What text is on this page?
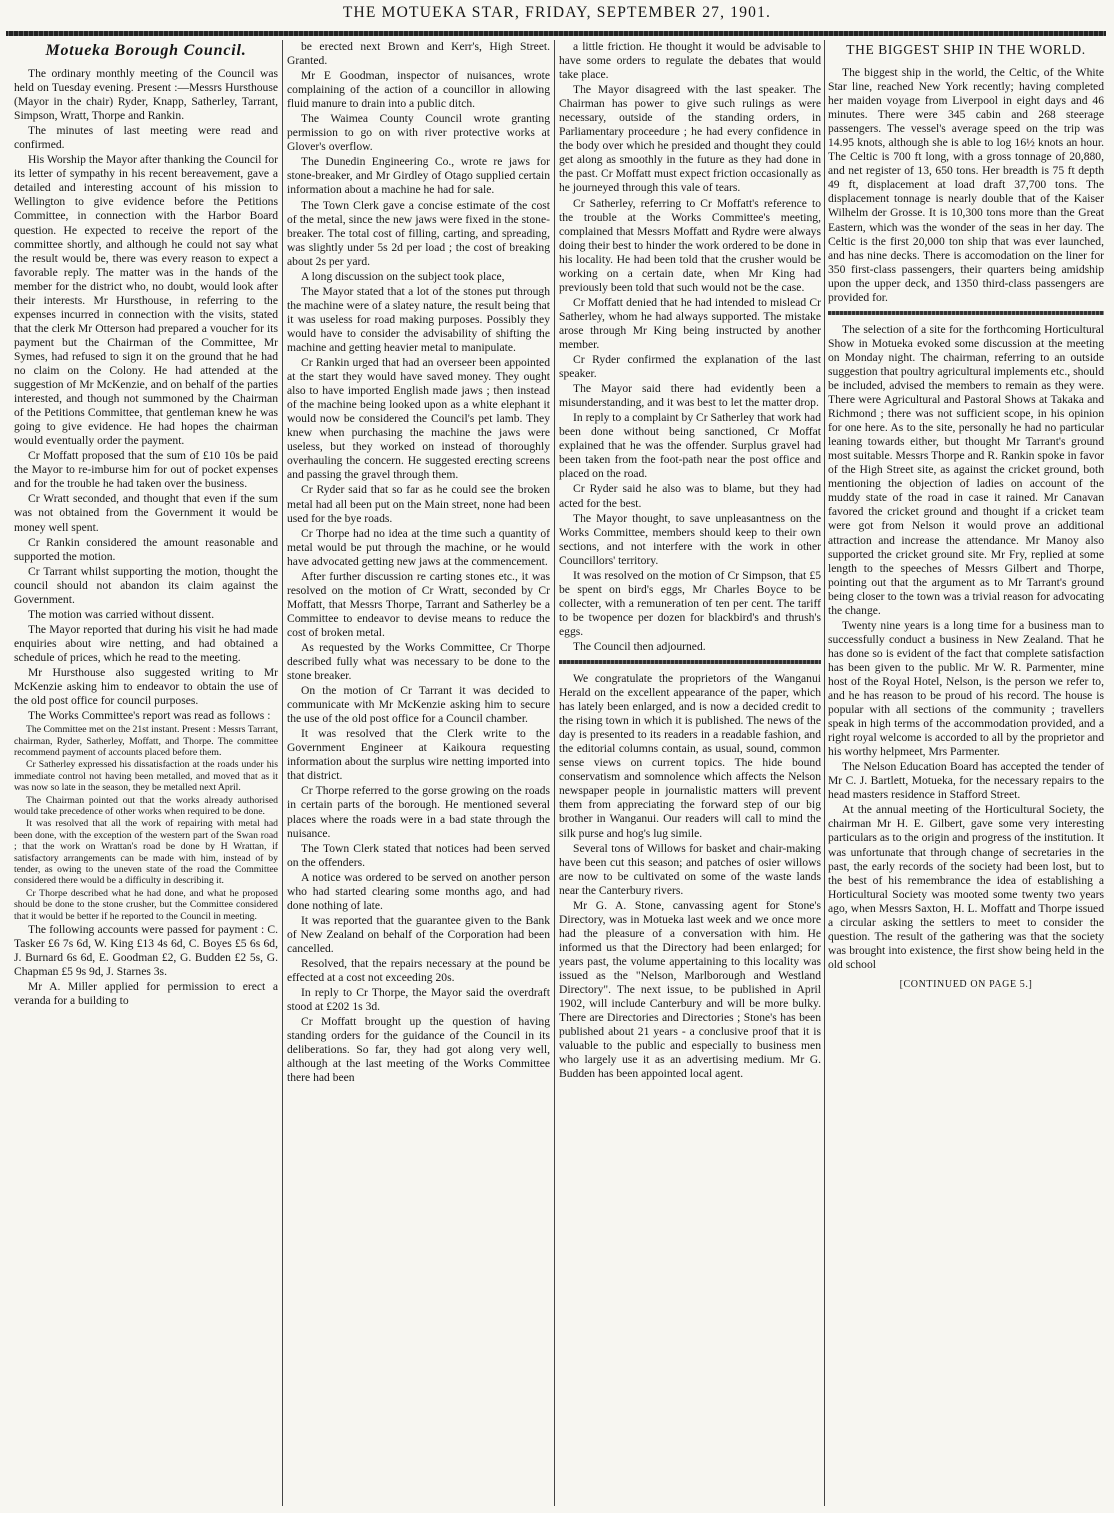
THE MOTUEKA STAR, FRIDAY, SEPTEMBER 27, 1901.
Motueka Borough Council.

The ordinary monthly meeting of the Council was held on Tuesday evening. Present :—Messrs Hursthouse (Mayor in the chair) Ryder, Knapp, Satherley, Tarrant, Simpson, Wratt, Thorpe and Rankin.

The minutes of last meeting were read and confirmed.

His Worship the Mayor after thanking the Council for its letter of sympathy in his recent bereavement, gave a detailed and interesting account of his mission to Wellington to give evidence before the Petitions Committee, in connection with the Harbor Board question. He expected to receive the report of the committee shortly, and although he could not say what the result would be, there was every reason to expect a favorable reply. The matter was in the hands of the member for the district who, no doubt, would look after their interests. Mr Hursthouse, in referring to the expenses incurred in connection with the visits, stated that the clerk Mr Otterson had prepared a voucher for its payment but the Chairman of the Committee, Mr Symes, had refused to sign it on the ground that he had no claim on the Colony. He had attended at the suggestion of Mr McKenzie, and on behalf of the parties interested, and though not summoned by the Chairman of the Petitions Committee, that gentleman knew he was going to give evidence. He had hopes the chairman would eventually order the payment.

Cr Moffatt proposed that the sum of £10 10s be paid the Mayor to re-imburse him for out of pocket expenses and for the trouble he had taken over the business.

Cr Wratt seconded, and thought that even if the sum was not obtained from the Government it would be money well spent.

Cr Rankin considered the amount reasonable and supported the motion.

Cr Tarrant whilst supporting the motion, thought the council should not abandon its claim against the Government.

The motion was carried without dissent.

The Mayor reported that during his visit he had made enquiries about wire netting, and had obtained a schedule of prices, which he read to the meeting.

Mr Hursthouse also suggested writing to Mr McKenzie asking him to endeavor to obtain the use of the old post office for council purposes.

The Works Committee's report was read as follows :

The Committee met on the 21st instant. Present : Messrs Tarrant, chairman, Ryder, Satherley, Moffatt, and Thorpe. The committee recommend payment of accounts placed before them.

Cr Satherley expressed his dissatisfaction at the roads under his immediate control not having been metalled, and moved that as it was now so late in the season, they be metalled next April.

The Chairman pointed out that the works already authorised would take precedence of other works when required to be done.

It was resolved that all the work of repairing with metal had been done, with the exception of the western part of the Swan road ; that the work on Wrattan's road be done by H Wrattan, if satisfactory arrangements can be made with him, instead of by tender, as owing to the uneven state of the road the Committee considered there would be a difficulty in describing it.

Cr Thorpe described what he had done, and what he proposed should be done to the stone crusher, but the Committee considered that it would be better if he reported to the Council in meeting.

The following accounts were passed for payment : C. Tasker £6 7s 6d, W. King £13 4s 6d, C. Boyes £5 6s 6d, J. Burnard 6s 6d, E. Goodman £2, G. Budden £2 5s, G. Chapman £5 9s 9d, J. Starnes 3s.

Mr A. Miller applied for permission to erect a veranda for a building to

be erected next Brown and Kerr's, High Street. Granted.

Mr E Goodman, inspector of nuisances, wrote complaining of the action of a councillor in allowing fluid manure to drain into a public ditch.

The Waimea County Council wrote granting permission to go on with river protective works at Glover's overflow.

The Dunedin Engineering Co., wrote re jaws for stone-breaker, and Mr Girdley of Otago supplied certain information about a machine he had for sale.

The Town Clerk gave a concise estimate of the cost of the metal, since the new jaws were fixed in the stone-breaker. The total cost of filling, carting, and spreading, was slightly under 5s 2d per load ; the cost of breaking about 2s per yard.

A long discussion on the subject took place,

The Mayor stated that a lot of the stones put through the machine were of a slatey nature, the result being that it was useless for road making purposes. Possibly they would have to consider the advisability of shifting the machine and getting heavier metal to manipulate.

Cr Rankin urged that had an overseer been appointed at the start they would have saved money. They ought also to have imported English made jaws ; then instead of the machine being looked upon as a white elephant it would now be considered the Council's pet lamb. They knew when purchasing the machine the jaws were useless, but they worked on instead of thoroughly overhauling the concern. He suggested erecting screens and passing the gravel through them.

Cr Ryder said that so far as he could see the broken metal had all been put on the Main street, none had been used for the bye roads.

Cr Thorpe had no idea at the time such a quantity of metal would be put through the machine, or he would have advocated getting new jaws at the commencement.

After further discussion re carting stones etc., it was resolved on the motion of Cr Wratt, seconded by Cr Moffatt, that Messrs Thorpe, Tarrant and Satherley be a Committee to endeavor to devise means to reduce the cost of broken metal.

As requested by the Works Committee, Cr Thorpe described fully what was necessary to be done to the stone breaker.

On the motion of Cr Tarrant it was decided to communicate with Mr McKenzie asking him to secure the use of the old post office for a Council chamber.

It was resolved that the Clerk write to the Government Engineer at Kaikoura requesting information about the surplus wire netting imported into that district.

Cr Thorpe referred to the gorse growing on the roads in certain parts of the borough. He mentioned several places where the roads were in a bad state through the nuisance.

The Town Clerk stated that notices had been served on the offenders.

A notice was ordered to be served on another person who had started clearing some months ago, and had done nothing of late.

It was reported that the guarantee given to the Bank of New Zealand on behalf of the Corporation had been cancelled.

Resolved, that the repairs necessary at the pound be effected at a cost not exceeding 20s.

In reply to Cr Thorpe, the Mayor said the overdraft stood at £202 1s 3d.

Cr Moffatt brought up the question of having standing orders for the guidance of the Council in its deliberations. So far, they had got along very well, although at the last meeting of the Works Committee there had been

a little friction. He thought it would be advisable to have some orders to regulate the debates that would take place.

The Mayor disagreed with the last speaker. The Chairman has power to give such rulings as were necessary, outside of the standing orders, in Parliamentary proceedure ; he had every confidence in the body over which he presided and thought they could get along as smoothly in the future as they had done in the past. Cr Moffatt must expect friction occasionally as he journeyed through this vale of tears.

Cr Satherley, referring to Cr Moffatt's reference to the trouble at the Works Committee's meeting, complained that Messrs Moffatt and Rydre were always doing their best to hinder the work ordered to be done in his locality. He had been told that the crusher would be working on a certain date, when Mr King had previously been told that such would not be the case.

Cr Moffatt denied that he had intended to mislead Cr Satherley, whom he had always supported. The mistake arose through Mr King being instructed by another member.

Cr Ryder confirmed the explanation of the last speaker.

The Mayor said there had evidently been a misunderstanding, and it was best to let the matter drop.

In reply to a complaint by Cr Satherley that work had been done without being sanctioned, Cr Moffat explained that he was the offender. Surplus gravel had been taken from the foot-path near the post office and placed on the road.

Cr Ryder said he also was to blame, but they had acted for the best.

The Mayor thought, to save unpleasantness on the Works Committee, members should keep to their own sections, and not interfere with the work in other Councillors' territory.

It was resolved on the motion of Cr Simpson, that £5 be spent on bird's eggs, Mr Charles Boyce to be collecter, with a remuneration of ten per cent. The tariff to be twopence per dozen for blackbird's and thrush's eggs.

The Council then adjourned.

We congratulate the proprietors of the Wanganui Herald on the excellent appearance of the paper, which has lately been enlarged, and is now a decided credit to the rising town in which it is published. The news of the day is presented to its readers in a readable fashion, and the editorial columns contain, as usual, sound, common sense views on current topics. The hide bound conservatism and somnolence which affects the Nelson newspaper people in journalistic matters will prevent them from appreciating the forward step of our big brother in Wanganui. Our readers will call to mind the silk purse and hog's lug simile.

Several tons of Willows for basket and chair-making have been cut this season; and patches of osier willows are now to be cultivated on some of the waste lands near the Canterbury rivers.

Mr G. A. Stone, canvassing agent for Stone's Directory, was in Motueka last week and we once more had the pleasure of a conversation with him. He informed us that the Directory had been enlarged; for years past, the volume appertaining to this locality was issued as the "Nelson, Marlborough and Westland Directory". The next issue, to be published in April 1902, will include Canterbury and will be more bulky. There are Directories and Directories ; Stone's has been published about 21 years - a conclusive proof that it is valuable to the public and especially to business men who largely use it as an advertising medium. Mr G. Budden has been appointed local agent.

THE BIGGEST SHIP IN THE WORLD.

The biggest ship in the world, the Celtic, of the White Star line, reached New York recently; having completed her maiden voyage from Liverpool in eight days and 46 minutes. There were 345 cabin and 268 steerage passengers. The vessel's average speed on the trip was 14.95 knots, although she is able to log 16½ knots an hour. The Celtic is 700 ft long, with a gross tonnage of 20,880, and net register of 13, 650 tons. Her breadth is 75 ft depth 49 ft, displacement at load draft 37,700 tons. The displacement tonnage is nearly double that of the Kaiser Wilhelm der Grosse. It is 10,300 tons more than the Great Eastern, which was the wonder of the seas in her day. The Celtic is the first 20,000 ton ship that was ever launched, and has nine decks. There is accomodation on the liner for 350 first-class passengers, their quarters being amidship upon the upper deck, and 1350 third-class passengers are provided for.

The selection of a site for the forthcoming Horticultural Show in Motueka evoked some discussion at the meeting on Monday night. The chairman, referring to an outside suggestion that poultry agricultural implements etc., should be included, advised the members to remain as they were. There were Agricultural and Pastoral Shows at Takaka and Richmond ; there was not sufficient scope, in his opinion for one here. As to the site, personally he had no particular leaning towards either, but thought Mr Tarrant's ground most suitable. Messrs Thorpe and R. Rankin spoke in favor of the High Street site, as against the cricket ground, both mentioning the objection of ladies on account of the muddy state of the road in case it rained. Mr Canavan favored the cricket ground and thought if a cricket team were got from Nelson it would prove an additional attraction and increase the attendance. Mr Manoy also supported the cricket ground site. Mr Fry, replied at some length to the speeches of Messrs Gilbert and Thorpe, pointing out that the argument as to Mr Tarrant's ground being closer to the town was a trivial reason for advocating the change.

Twenty nine years is a long time for a business man to successfully conduct a business in New Zealand. That he has done so is evident of the fact that complete satisfaction has been given to the public. Mr W. R. Parmenter, mine host of the Royal Hotel, Nelson, is the person we refer to, and he has reason to be proud of his record. The house is popular with all sections of the community ; travellers speak in high terms of the accommodation provided, and a right royal welcome is accorded to all by the proprietor and his worthy helpmeet, Mrs Parmenter.

The Nelson Education Board has accepted the tender of Mr C. J. Bartlett, Motueka, for the necessary repairs to the head masters residence in Stafford Street.

At the annual meeting of the Horticultural Society, the chairman Mr H. E. Gilbert, gave some very interesting particulars as to the origin and progress of the institution. It was unfortunate that through change of secretaries in the past, the early records of the society had been lost, but to the best of his remembrance the idea of establishing a Horticultural Society was mooted some twenty two years ago, when Messrs Saxton, H. L. Moffatt and Thorpe issued a circular asking the settlers to meet to consider the question. The result of the gathering was that the society was brought into existence, the first show being held in the old school

[CONTINUED ON PAGE 5.]
